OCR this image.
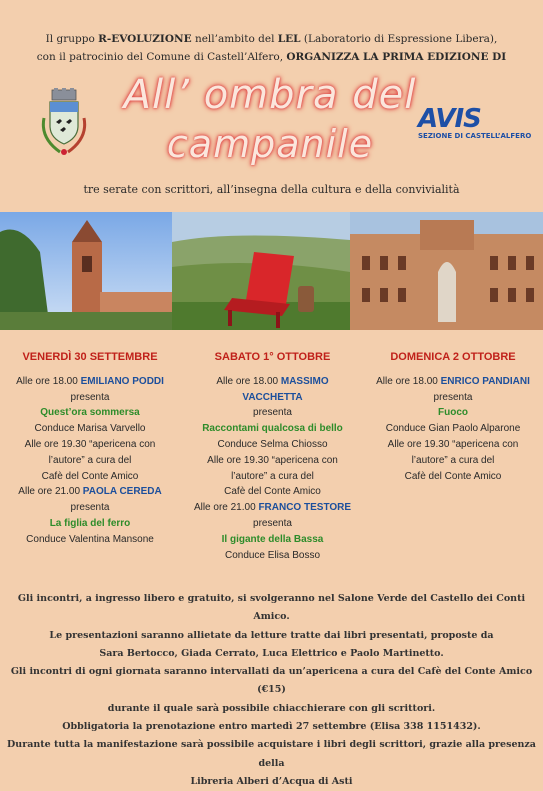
Il gruppo R-EVOLUZIONE nell’ambito del LEL (Laboratorio di Espressione Libera),
con il patrocinio del Comune di Castell’Alfero, ORGANIZZA LA PRIMA EDIZIONE DI
All’ ombra del
campanile
AVIS
SEZIONE DI CASTELL’ALFERO
tre serate con scrittori, all’insegna della cultura e della convivialità
VENERDÌ 30 SETTEMBRE
Alle ore 18.00 EMILIANO PODDI
presenta
Quest’ora sommersa
Conduce Marisa Varvello
Alle ore 19.30 “apericena con
l’autore” a cura del
Cafè del Conte Amico
Alle ore 21.00 PAOLA CEREDA
presenta
La figlia del ferro
Conduce Valentina Mansone
SABATO 1° OTTOBRE
Alle ore 18.00 MASSIMO VACCHETTA
presenta
Raccontami qualcosa di bello
Conduce Selma Chiosso
Alle ore 19.30 “apericena con
l’autore” a cura del
Cafè del Conte Amico
Alle ore 21.00 FRANCO TESTORE
presenta
Il gigante della Bassa
Conduce Elisa Bosso
DOMENICA 2 OTTOBRE
Alle ore 18.00 ENRICO PANDIANI
presenta
Fuoco
Conduce Gian Paolo Alparone
Alle ore 19.30 “apericena con
l’autore” a cura del
Cafè del Conte Amico
Gli incontri, a ingresso libero e gratuito, si svolgeranno nel Salone Verde del Castello dei Conti Amico.
Le presentazioni saranno allietate da letture tratte dai libri presentati, proposte da
Sara Bertocco, Giada Cerrato, Luca Elettrico e Paolo Martinetto.
Gli incontri di ogni giornata saranno intervallati da un’apericena a cura del Cafè del Conte Amico (€15)
durante il quale sarà possibile chiacchierare con gli scrittori.
Obbligatoria la prenotazione entro martedì 27 settembre (Elisa 338 1151432).
Durante tutta la manifestazione sarà possibile acquistare i libri degli scrittori, grazie alla presenza della
Libreria Alberi d’Acqua di Asti
